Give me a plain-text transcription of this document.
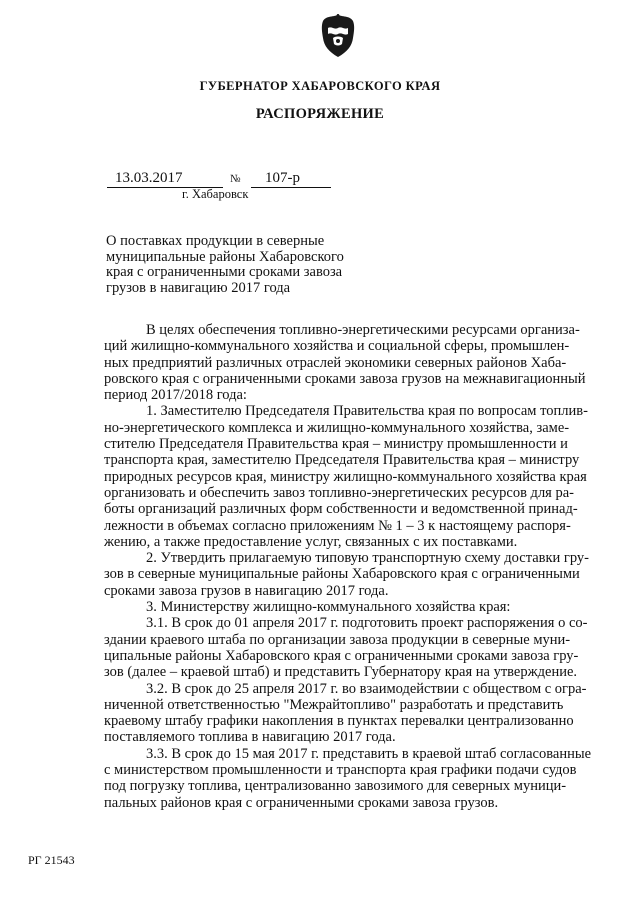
ГУБЕРНАТОР ХАБАРОВСКОГО КРАЯ
РАСПОРЯЖЕНИЕ
13.03.2017	№ 107-р
г. Хабаровск
О поставках продукции в северные
муниципальные районы Хабаровского
края с ограниченными сроками завоза
грузов в навигацию 2017 года
В целях обеспечения топливно-энергетическими ресурсами организа-
ций жилищно-коммунального хозяйства и социальной сферы, промышлен-
ных предприятий различных отраслей экономики северных районов Хаба-
ровского края с ограниченными сроками завоза грузов на межнавигационный
период 2017/2018 года:
1. Заместителю Председателя Правительства края по вопросам топлив-
но-энергетического комплекса и жилищно-коммунального хозяйства, заме-
стителю Председателя Правительства края – министру промышленности и
транспорта края, заместителю Председателя Правительства края – министру
природных ресурсов края, министру жилищно-коммунального хозяйства края
организовать и обеспечить завоз топливно-энергетических ресурсов для ра-
боты организаций различных форм собственности и ведомственной принад-
лежности в объемах согласно приложениям № 1 – 3 к настоящему распоря-
жению, а также предоставление услуг, связанных с их поставками.
2. Утвердить прилагаемую типовую транспортную схему доставки гру-
зов в северные муниципальные районы Хабаровского края с ограниченными
сроками завоза грузов в навигацию 2017 года.
3. Министерству жилищно-коммунального хозяйства края:
3.1. В срок до 01 апреля 2017 г. подготовить проект распоряжения о со-
здании краевого штаба по организации завоза продукции в северные муни-
ципальные районы Хабаровского края с ограниченными сроками завоза гру-
зов (далее – краевой штаб) и представить Губернатору края на утверждение.
3.2. В срок до 25 апреля 2017 г. во взаимодействии с обществом с огра-
ниченной ответственностью "Межрайтопливо" разработать и представить
краевому штабу графики накопления в пунктах перевалки централизованно
поставляемого топлива в навигацию 2017 года.
3.3. В срок до 15 мая 2017 г. представить в краевой штаб согласованные
с министерством промышленности и транспорта края графики подачи судов
под погрузку топлива, централизованно завозимого для северных муници-
пальных районов края с ограниченными сроками завоза грузов.
РГ 21543
